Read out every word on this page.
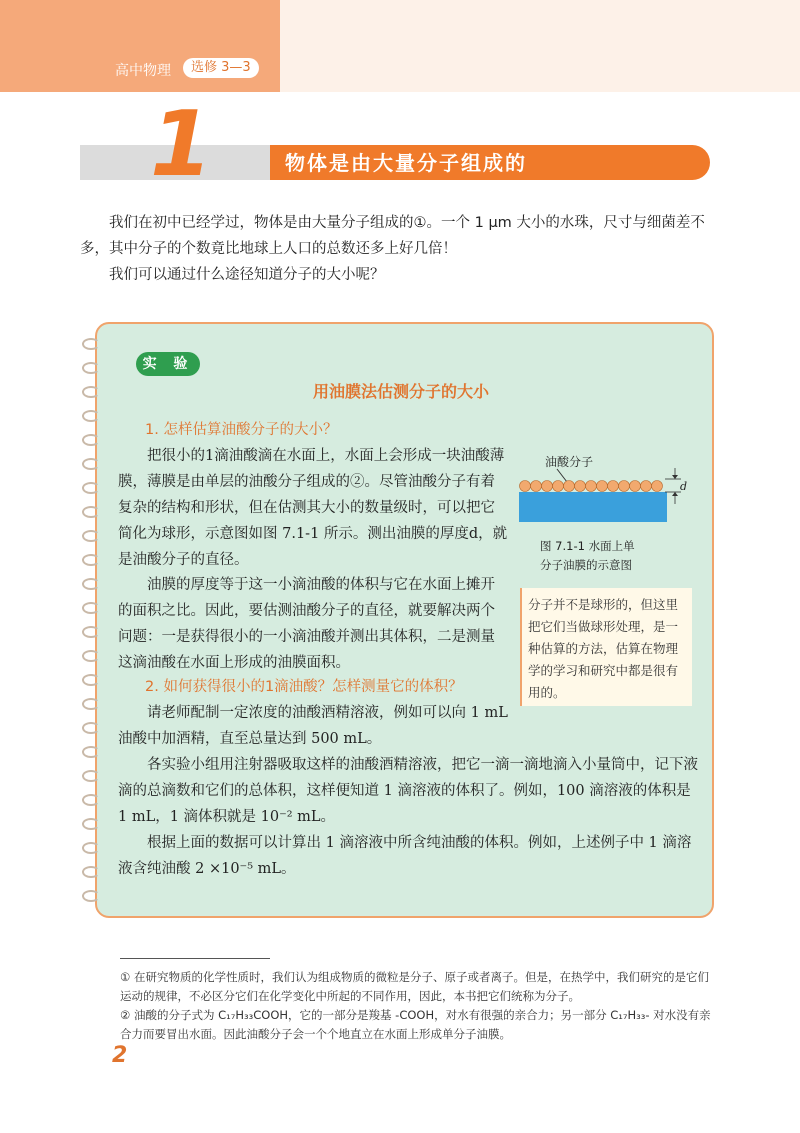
高中物理	选修 3—3
1	物体是由大量分子组成的

我们在初中已经学过，物体是由大量分子组成的①。一个 1 μm 大小的水珠，尺寸与细菌差不多，其中分子的个数竟比地球上人口的总数还多上好几倍！

我们可以通过什么途径知道分子的大小呢？

实 验
用油膜法估测分子的大小
1. 怎样估算油酸分子的大小？

把很小的1滴油酸滴在水面上，水面上会形成一块油酸薄膜，薄膜是由单层的油酸分子组成的②。尽管油酸分子有着复杂的结构和形状，但在估测其大小的数量级时，可以把它简化为球形，示意图如图 7.1-1 所示。测出油膜的厚度d，就是油酸分子的直径。

油膜的厚度等于这一小滴油酸的体积与它在水面上摊开的面积之比。因此，要估测油酸分子的直径，就要解决两个问题：一是获得很小的一小滴油酸并测出其体积，二是测量这滴油酸在水面上形成的油膜面积。

2. 如何获得很小的1滴油酸？怎样测量它的体积？

请老师配制一定浓度的油酸酒精溶液，例如可以向 1 mL 油酸中加酒精，直至总量达到 500 mL。

各实验小组用注射器吸取这样的油酸酒精溶液，把它一滴一滴地滴入小量筒中，记下液滴的总滴数和它们的总体积，这样便知道 1 滴溶液的体积了。例如，100 滴溶液的体积是 1 mL，1 滴体积就是 10⁻² mL。

根据上面的数据可以计算出 1 滴溶液中所含纯油酸的体积。例如，上述例子中 1 滴溶液含纯油酸 2 ×10⁻⁵ mL。

油酸分子
d
图 7.1-1 水面上单
分子油膜的示意图
分子并不是球形的，但这里把它们当做球形处理，是一种估算的方法，估算在物理学的学习和研究中都是很有用的。
① 在研究物质的化学性质时，我们认为组成物质的微粒是分子、原子或者离子。但是，在热学中，我们研究的是它们运动的规律，不必区分它们在化学变化中所起的不同作用，因此，本书把它们统称为分子。
② 油酸的分子式为 C₁₇H₃₃COOH，它的一部分是羧基 -COOH，对水有很强的亲合力；另一部分 C₁₇H₃₃- 对水没有亲合力而要冒出水面。因此油酸分子会一个个地直立在水面上形成单分子油膜。
2
